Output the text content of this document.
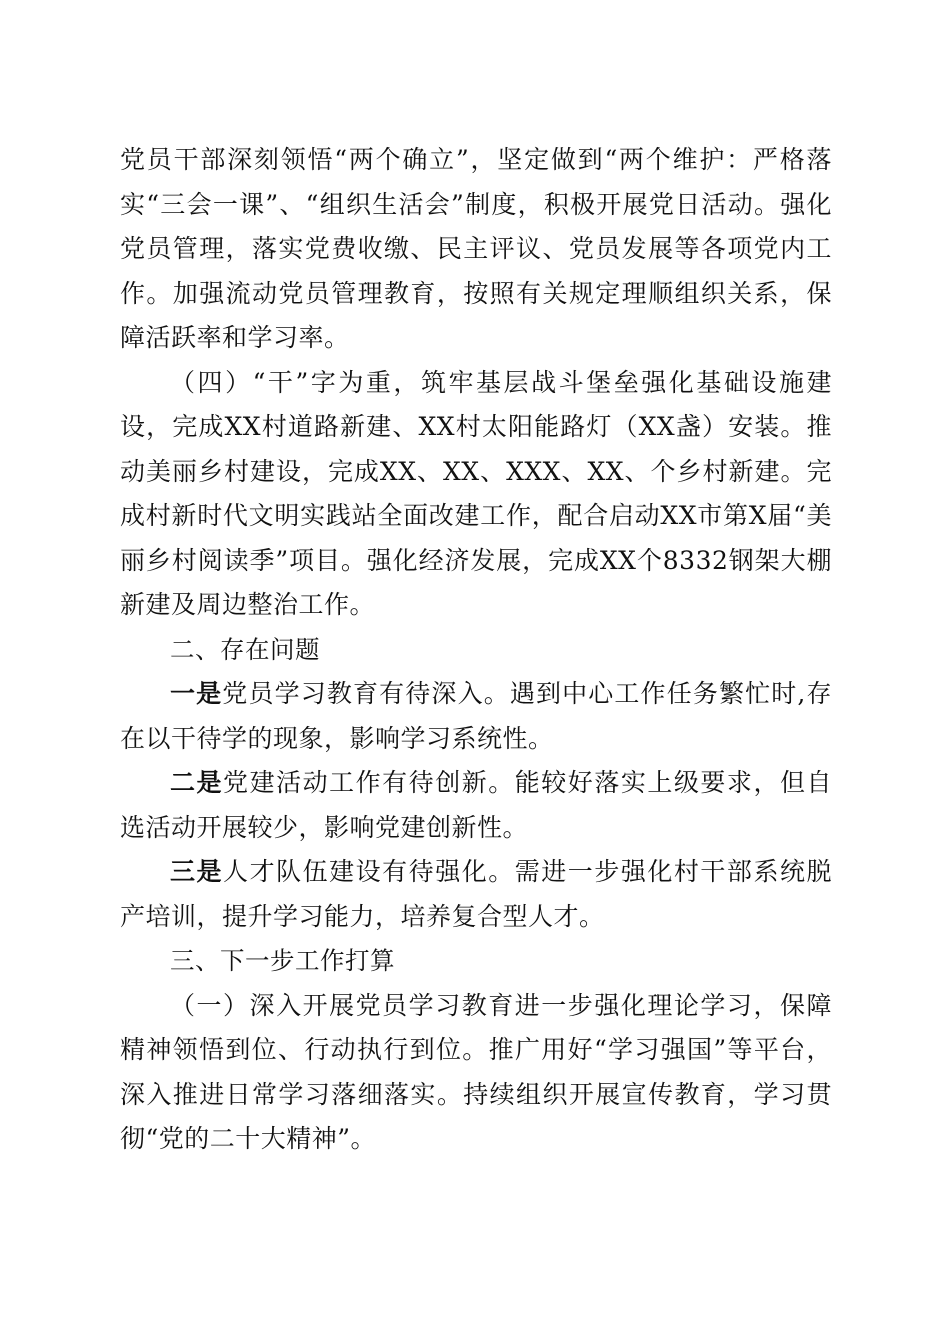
党员干部深刻领悟“两个确立”，坚定做到“两个维护：严格落实“三会一课”、“组织生活会”制度，积极开展党日活动。强化党员管理，落实党费收缴、民主评议、党员发展等各项党内工作。加强流动党员管理教育，按照有关规定理顺组织关系，保障活跃率和学习率。

（四）“干”字为重，筑牢基层战斗堡垒强化基础设施建设，完成XX村道路新建、XX村太阳能路灯（XX盏）安装。推动美丽乡村建设，完成XX、XX、XXX、XX、个乡村新建。完成村新时代文明实践站全面改建工作，配合启动XX市第X届“美丽乡村阅读季”项目。强化经济发展，完成XX个8332钢架大棚新建及周边整治工作。

二、存在问题

一是党员学习教育有待深入。遇到中心工作任务繁忙时,存在以干待学的现象，影响学习系统性。

二是党建活动工作有待创新。能较好落实上级要求，但自选活动开展较少，影响党建创新性。

三是人才队伍建设有待强化。需进一步强化村干部系统脱产培训，提升学习能力，培养复合型人才。

三、下一步工作打算

（一）深入开展党员学习教育进一步强化理论学习，保障精神领悟到位、行动执行到位。推广用好“学习强国”等平台，深入推进日常学习落细落实。持续组织开展宣传教育，学习贯彻“党的二十大精神”。
